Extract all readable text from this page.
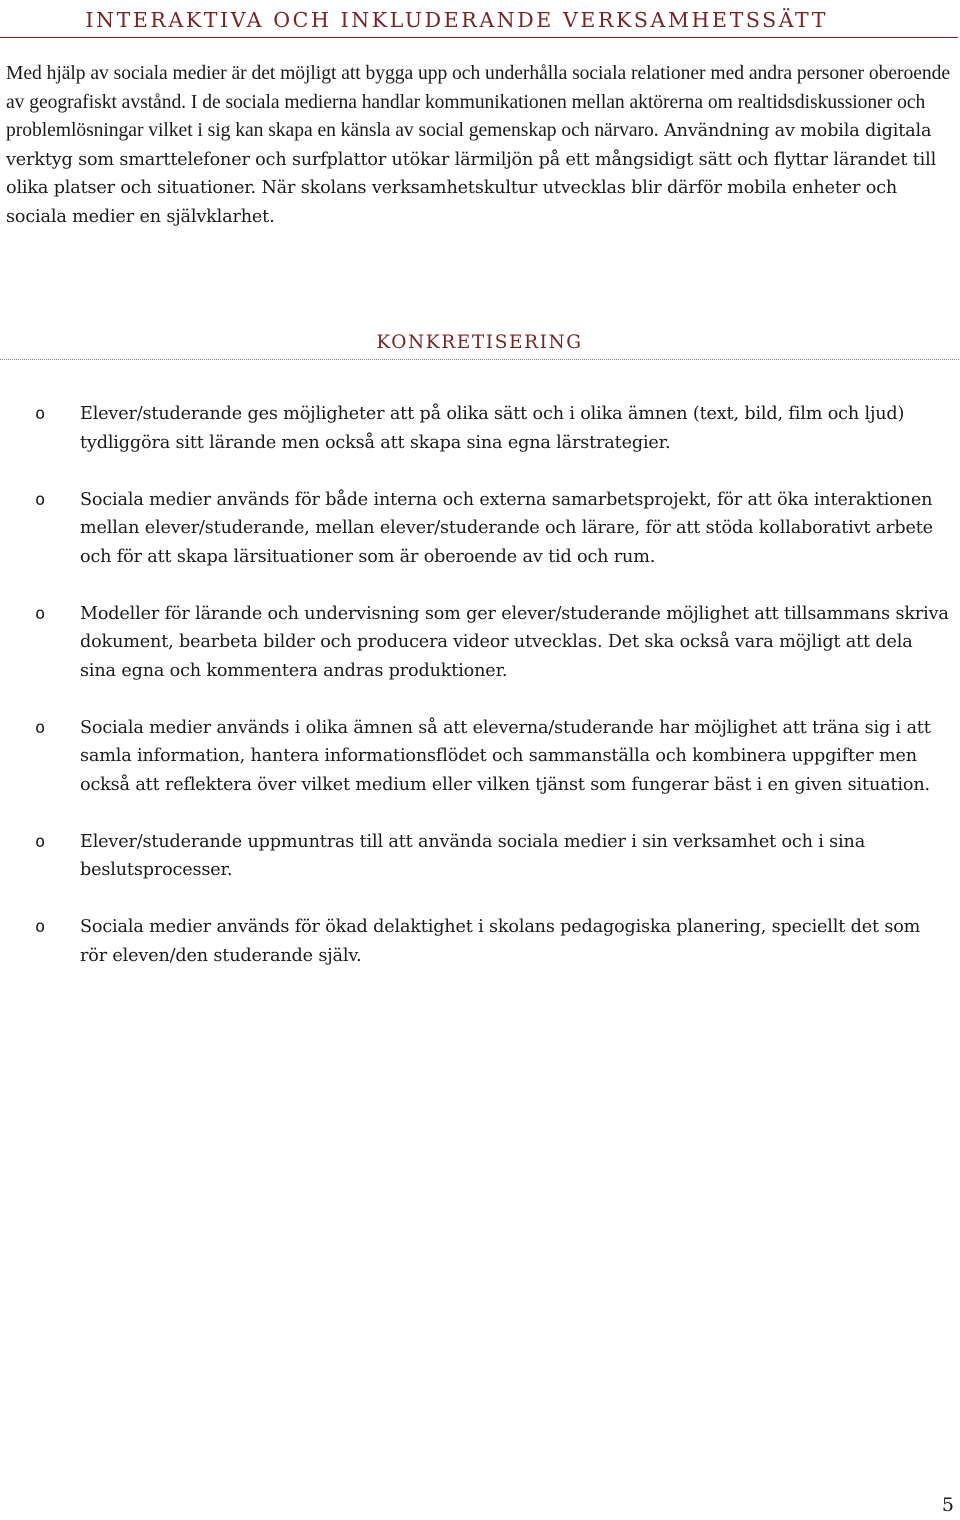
INTERAKTIVA OCH INKLUDERANDE VERKSAMHETSSÄTT

Med hjälp av sociala medier är det möjligt att bygga upp och underhålla sociala relationer med andra personer oberoende av geografiskt avstånd. I de sociala medierna handlar kommunikationen mellan aktörerna om realtidsdiskussioner och problemlösningar vilket i sig kan skapa en känsla av social gemenskap och närvaro. Användning av mobila digitala verktyg som smarttelefoner och surfplattor utökar lärmiljön på ett mångsidigt sätt och flyttar lärandet till olika platser och situationer. När skolans verksamhetskultur utvecklas blir därför mobila enheter och sociala medier en självklarhet.

KONKRETISERING
o Elever/studerande ges möjligheter att på olika sätt och i olika ämnen (text, bild, film och ljud) tydliggöra sitt lärande men också att skapa sina egna lärstrategier.
o Sociala medier används för både interna och externa samarbetsprojekt, för att öka interaktionen mellan elever/studerande, mellan elever/studerande och lärare, för att stöda kollaborativt arbete och för att skapa lärsituationer som är oberoende av tid och rum.
o Modeller för lärande och undervisning som ger elever/studerande möjlighet att tillsammans skriva dokument, bearbeta bilder och producera videor utvecklas. Det ska också vara möjligt att dela sina egna och kommentera andras produktioner.
o Sociala medier används i olika ämnen så att eleverna/studerande har möjlighet att träna sig i att samla information, hantera informationsflödet och sammanställa och kombinera uppgifter men också att reflektera över vilket medium eller vilken tjänst som fungerar bäst i en given situation.
o Elever/studerande uppmuntras till att använda sociala medier i sin verksamhet och i sina beslutsprocesser.
o Sociala medier används för ökad delaktighet i skolans pedagogiska planering, speciellt det som rör eleven/den studerande själv.
5
